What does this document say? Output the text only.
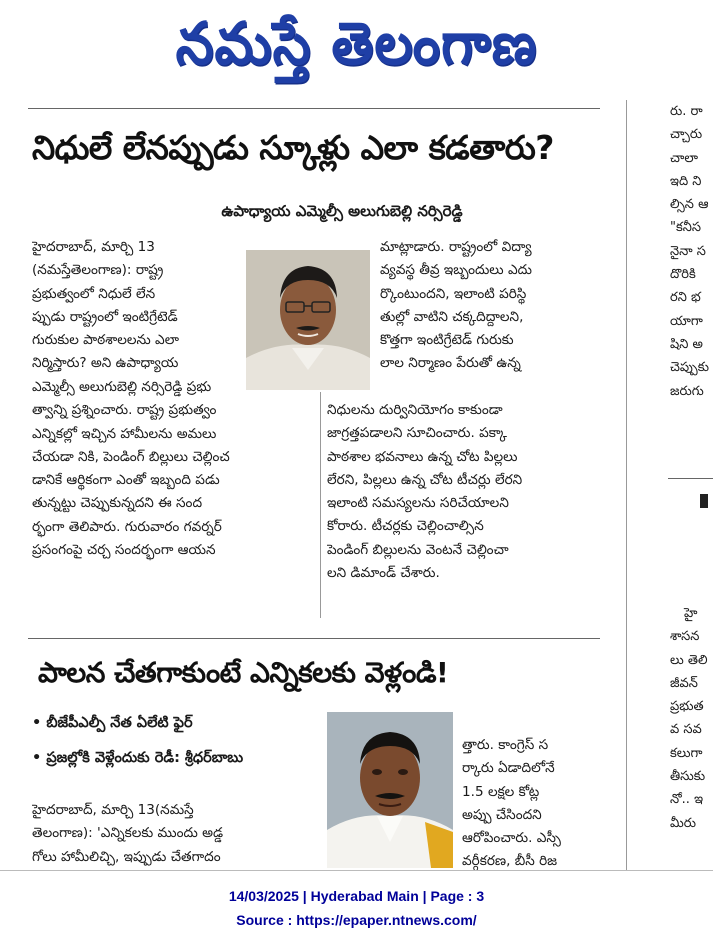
నమస్తే తెలంగాణ
నిధులే లేనప్పుడు స్కూళ్లు ఎలా కడతారు?
ఉపాధ్యాయ ఎమ్మెల్సీ అలుగుబెల్లి నర్సిరెడ్డి
హైదరాబాద్, మార్చి 13
(నమస్తేతెలంగాణ): రాష్ట్ర
ప్రభుత్వంలో నిధులే లేన
ప్పుడు రాష్ట్రంలో ఇంటిగ్రేటెడ్
గురుకుల పాఠశాలలను ఎలా
నిర్మిస్తారు? అని ఉపాధ్యాయ
మాట్లాడారు. రాష్ట్రంలో విద్యా
వ్యవస్థ తీవ్ర ఇబ్బందులు ఎదు
ర్కొంటుందని, ఇలాంటి పరిస్థి
తుల్లో వాటిని చక్కదిద్దాలని,
కొత్తగా ఇంటిగ్రేటెడ్ గురుకు
లాల నిర్మాణం పేరుతో ఉన్న
ఎమ్మెల్సీ అలుగుబెల్లి నర్సిరెడ్డి ప్రభు
త్వాన్ని ప్రశ్నించారు. రాష్ట్ర ప్రభుత్వం
ఎన్నికల్లో ఇచ్చిన హామీలను అమలు
చేయడా నికి, పెండింగ్ బిల్లులు చెల్లించ
డానికే ఆర్థికంగా ఎంతో ఇబ్బంది పడు
తున్నట్టు చెప్పుకున్నదని ఈ సంద
ర్భంగా తెలిపారు. గురువారం గవర్నర్
ప్రసంగంపై చర్చ సందర్భంగా ఆయన
నిధులను దుర్వినియోగం కాకుండా
జాగ్రత్తపడాలని సూచించారు. పక్కా
పాఠశాల భవనాలు ఉన్న చోట పిల్లలు
లేరని, పిల్లలు ఉన్న చోట టీచర్లు లేరని
ఇలాంటి సమస్యలను సరిచేయాలని
కోరారు. టీచర్లకు చెల్లించాల్సిన
పెండింగ్ బిల్లులను వెంటనే చెల్లించా
లని డిమాండ్ చేశారు.
పాలన చేతగాకుంటే ఎన్నికలకు వెళ్లండి!
• బీజేపీఎల్పీ నేత ఏలేటి ఫైర్
• ప్రజల్లోకి వెళ్లేందుకు రెడీ: శ్రీధర్‌బాబు
హైదరాబాద్, మార్చి 13(నమస్తే
తెలంగాణ): 'ఎన్నికలకు ముందు అడ్డ
గోలు హామీలిచ్చి, ఇప్పుడు చేతగాదం
త్తారు. కాంగ్రెస్ స
ర్కారు ఏడాదిలోనే
1.5 లక్షల కోట్ల
అప్పు చేసిందని
ఆరోపించారు. ఎస్సీ
వర్గీకరణ, బీసీ రిజ
రు. రా
చ్చారు
చాలా
ఇది ని
ల్సిన ఆ
"కనీస
నైనా స
దొరికి
రని భ
యాగా
షిని అ
చెప్పుకు
జరుగు
హై
శాసన
లు తెలి
జీవన్‌
ప్రభుత
వ సవ
కలుగా
తీసుకు
నో.. ఇ
మీరు
14/03/2025 | Hyderabad Main | Page : 3
Source : https://epaper.ntnews.com/
